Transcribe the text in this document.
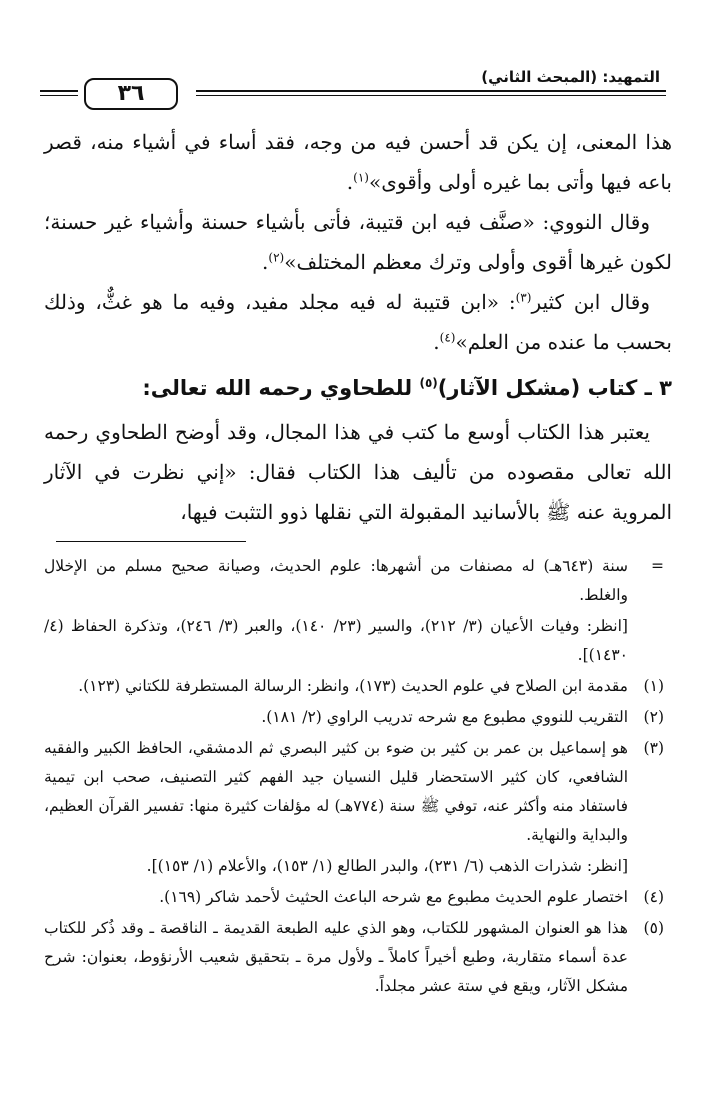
التمهيد: (المبحث الثاني)
٣٦

هذا المعنى، إن يكن قد أحسن فيه من وجه، فقد أساء في أشياء منه، قصر باعه فيها وأتى بما غيره أولى وأقوى»$^{(١)}$.

وقال النووي: «صنَّف فيه ابن قتيبة، فأتى بأشياء حسنة وأشياء غير حسنة؛ لكون غيرها أقوى وأولى وترك معظم المختلف»$^{(٢)}$.

وقال ابن كثير$^{(٣)}$: «ابن قتيبة له فيه مجلد مفيد، وفيه ما هو غثٌّ، وذلك بحسب ما عنده من العلم»$^{(٤)}$.

٣ ـ كتاب (مشكل الآثار)$^{(٥)}$ للطحاوي رحمه الله تعالى:

يعتبر هذا الكتاب أوسع ما كتب في هذا المجال، وقد أوضح الطحاوي رحمه الله تعالى مقصوده من تأليف هذا الكتاب فقال: «إني نظرت في الآثار المروية عنه ﷺ بالأسانيد المقبولة التي نقلها ذوو التثبت فيها،

=
سنة (٦٤٣هـ) له مصنفات من أشهرها: علوم الحديث، وصيانة صحيح مسلم من الإخلال والغلط.
[انظر: وفيات الأعيان (٣/ ٢١٢)، والسير (٢٣/ ١٤٠)، والعبر (٣/ ٢٤٦)، وتذكرة الحفاظ (٤/ ١٤٣٠)].
(١)
مقدمة ابن الصلاح في علوم الحديث (١٧٣)، وانظر: الرسالة المستطرفة للكتاني (١٢٣).
(٢)
التقريب للنووي مطبوع مع شرحه تدريب الراوي (٢/ ١٨١).
(٣)
هو إسماعيل بن عمر بن كثير بن ضوء بن كثير البصري ثم الدمشقي، الحافظ الكبير والفقيه الشافعي، كان كثير الاستحضار قليل النسيان جيد الفهم كثير التصنيف، صحب ابن تيمية فاستفاد منه وأكثر عنه، توفي ﷺ سنة (٧٧٤هـ) له مؤلفات كثيرة منها: تفسير القرآن العظيم، والبداية والنهاية.
[انظر: شذرات الذهب (٦/ ٢٣١)، والبدر الطالع (١/ ١٥٣)، والأعلام (١/ ١٥٣)].
(٤)
اختصار علوم الحديث مطبوع مع شرحه الباعث الحثيث لأحمد شاكر (١٦٩).
(٥)
هذا هو العنوان المشهور للكتاب، وهو الذي عليه الطبعة القديمة ـ الناقصة ـ وقد ذُكر للكتاب عدة أسماء متقاربة، وطبع أخيراً كاملاً ـ ولأول مرة ـ بتحقيق شعيب الأرنؤوط، بعنوان: شرح مشكل الآثار، ويقع في ستة عشر مجلداً.
